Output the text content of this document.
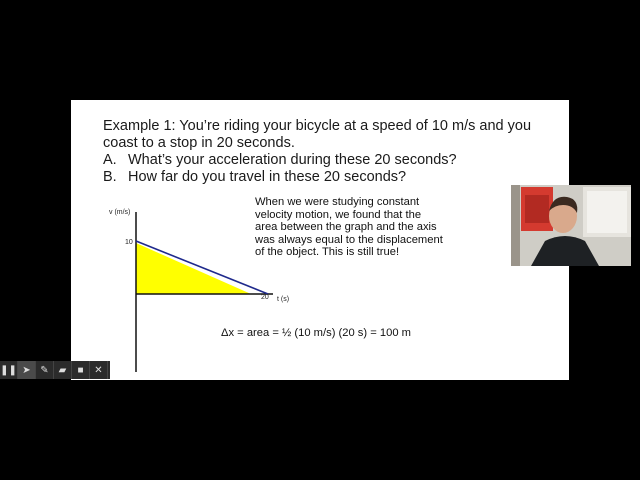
Example 1: You’re riding your bicycle at a speed of 10 m/s and you
coast to a stop in 20 seconds.
A. What’s your acceleration during these 20 seconds?
B. How far do you travel in these 20 seconds?
v (m/s)
10
20 t (s)
When we were studying constant velocity motion, we found that the area between the graph and the axis was always equal to the displacement of the object. This is still true!
Δx = area = ½ (10 m/s) (20 s) = 100 m
❚❚ ➤ ✎ ▰ ■ ✕
